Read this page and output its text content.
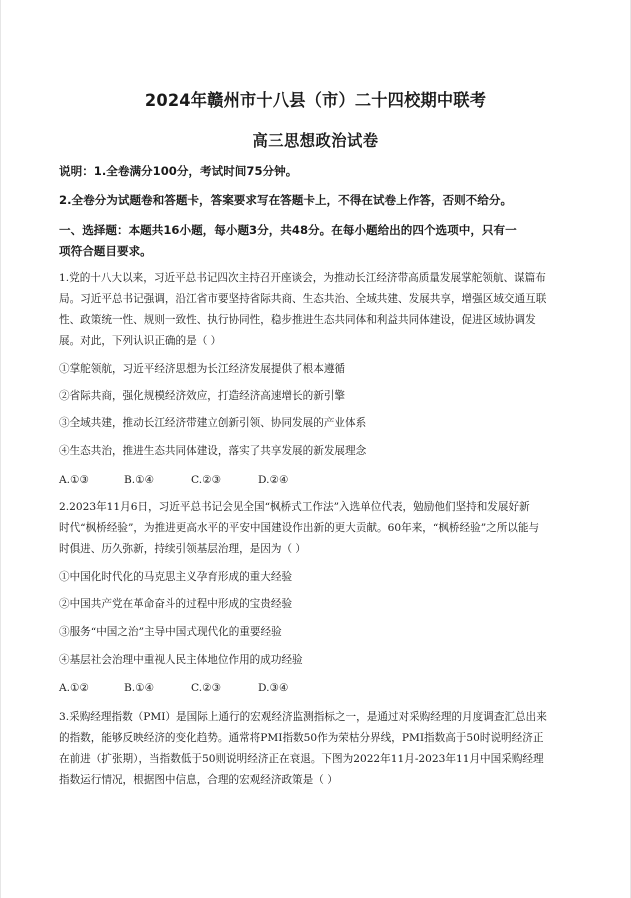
2024年赣州市十八县（市）二十四校期中联考
高三思想政治试卷
说明：1.全卷满分100分，考试时间75分钟。
2.全卷分为试题卷和答题卡，答案要求写在答题卡上，不得在试卷上作答，否则不给分。
一、选择题：本题共16小题，每小题3分，共48分。在每小题给出的四个选项中，只有一
项符合题目要求。
1.党的十八大以来，习近平总书记四次主持召开座谈会，为推动长江经济带高质量发展掌舵领航、谋篇布
局。习近平总书记强调，沿江省市要坚持省际共商、生态共治、全域共建、发展共享，增强区域交通互联
性、政策统一性、规则一致性、执行协同性，稳步推进生态共同体和利益共同体建设，促进区域协调发
展。对此，下列认识正确的是（ ）
①掌舵领航，习近平经济思想为长江经济发展提供了根本遵循
②省际共商，强化规模经济效应，打造经济高速增长的新引擎
③全域共建，推动长江经济带建立创新引领、协同发展的产业体系
④生态共治，推进生态共同体建设，落实了共享发展的新发展理念
A.①③	B.①④	C.②③	D.②④
2.2023年11月6日，习近平总书记会见全国“枫桥式工作法”入选单位代表，勉励他们坚持和发展好新
时代“枫桥经验”，为推进更高水平的平安中国建设作出新的更大贡献。60年来，“枫桥经验”之所以能与
时俱进、历久弥新，持续引领基层治理，是因为（ ）
①中国化时代化的马克思主义孕育形成的重大经验
②中国共产党在革命奋斗的过程中形成的宝贵经验
③服务“中国之治”主导中国式现代化的重要经验
④基层社会治理中重视人民主体地位作用的成功经验
A.①②	B.①④	C.②③	D.③④
3.采购经理指数（PMI）是国际上通行的宏观经济监测指标之一，是通过对采购经理的月度调查汇总出来
的指数，能够反映经济的变化趋势。通常将PMI指数50作为荣枯分界线，PMI指数高于50时说明经济正
在前进（扩张期），当指数低于50则说明经济正在衰退。下图为2022年11月-2023年11月中国采购经理
指数运行情况，根据图中信息，合理的宏观经济政策是（ ）
